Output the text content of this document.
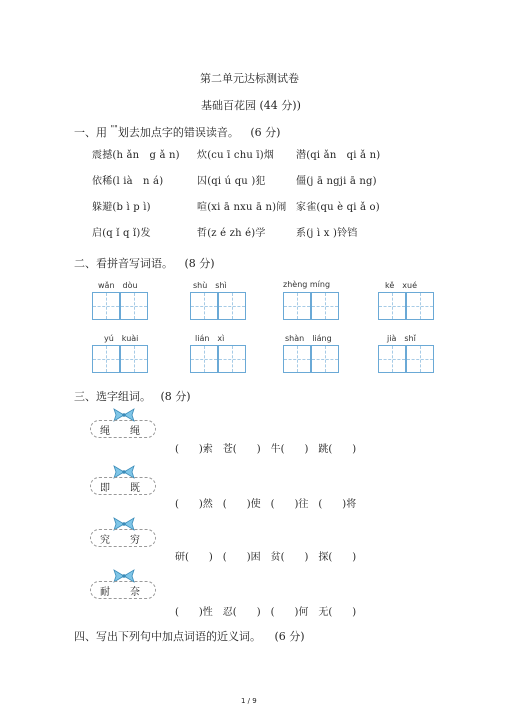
第二单元达标测试卷
基础百花园 (44 分))
一、用 ""划去加点字的错误读音。 (6 分)
震撼(h ǎn　g ǎ n) 炊(cu ī chu ī)烟 潜(qi ǎn　qi ǎ n)
依稀(l ià　n á)	囚(qi ú qu )犯	僵(j ā ngji ā ng)
躲避(b ì p ì)	喧(xi ā nxu ā n)闹 家雀(qu è qi ǎ o)
启(q ǐ q ǐ)发	哲(z é zh é)学	系(j ì x )铃铛
二、看拼音写词语。 (8 分)
wǎn　dòu	shù　shì	zhèng míng	kě　xué
yú　kuài	lián　xì	shàn　liáng	jià　shǐ
三、选字组词。 (8 分)
绳 绳
(　　)索　苍(　　)　牛(　　)　跳(　　)
即 既
(　　)然　(　　)使　(　　)往　(　　)将
究 穷
研(　　)　(　　)困　贫(　　)　探(　　)
耐 奈
(　　)性　忍(　　)　(　　)何　无(　　)
四、写出下列句中加点词语的近义词。 (6 分)
1 / 9
